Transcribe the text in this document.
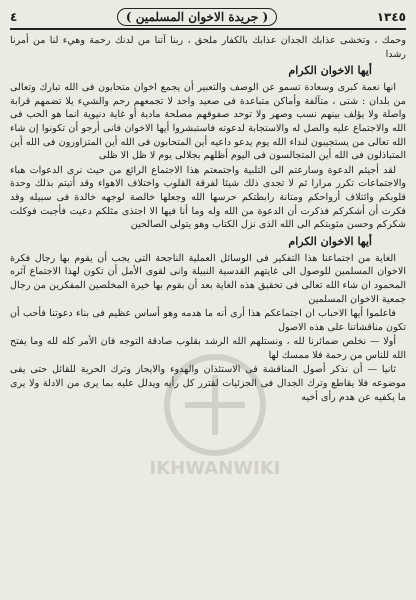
٤	( جريدة الاخوان المسلمين )	١٣٤٥

وحمك ، وتخشى عذابك الجدان عذابك بالكفار ملحق ، ربنا آتنا من لدنك رحمة وهيء لنا من أمرنا رشدا

أيها الاخوان الكرام

انها نعمة كبرى وسعادة تسمو عن الوصف والتعبير أن يجمع اخوان متحابون فى الله تبارك وتعالى من بلدان : شتى ، متآلفة وأماكن متباعدة فى صعيد واحد لا تجمعهم رحم والشيء يلا تضمهم قرابة واصلة ولا يؤلف بينهم نسب وصهر ولا توحد صفوفهم مصلحة مادية أو غاية دنيوية انما هو الحب فى الله والاجتماع عليه والصل له والاستجابة لدعوته فاستبشروا أيها الاخوان فانى أرجو أن تكونوا إن شاء الله تعالى من يستجيبون لنداء الله يوم يدعو داعيه أين المتحابون فى الله أين المتزاورون فى الله أين المتباذلون فى الله أين المتجالسون فى اليوم أظلهم بجلالى يوم لا ظل الا ظلى

لقد أجيئم الدعوة وسارعتم الى التلبية واجتمعتم هذا الاجتماع الرائع من حيث نرى الدعوات هباء والاجتماعات تكرر مرارا ثم لا تجدى ذلك شيئا لفرقة القلوب واختلاف الاهواء وقد أتيتم بذلك وحدة قلوبكم وائتلاف أرواحكم ومتانة رابطتكم حرسها الله وجعلها خالصة لوجهه خالدة فى سبيله وقد فكرت أن أشكركم فذكرت أن الدعوة من الله وله وما أنا فيها الا اجتذى مثلكم دعيت فأجبت فوكلت شكركم وحسن مثوبتكم الى الله الذى نزل الكتاب وهو يتولى الصالحين

أيها الاخوان الكرام

الغاية من اجتماعنا هذا التفكير فى الوسائل العملية الناجحة التى يجب أن يقوم بها رجال فكرة الاخوان المسلمين للوصول الى غايتهم القدسية النبيلة وانى لقوى الأمل أن تكون لهذا الاجتماع آثره المحمود ان شاء الله تعالى فى تحقيق هذه الغاية بعد أن بقوم بها خيرة المخلصين المفكرين من رجال جمعية الاخوان المسلمين

فاعلموا أيها الاحباب ان اجتماعكم هذا أرى أنه ما هدمه وهو أساس عظيم فى بناء دعوتنا فأحب أن تكون مناقشاتنا على هذه الاصول

أولا — نخلص ضمائرنا لله ، ونستلهم الله الرشد بقلوب صادقة التوجه فان الأمر كله لله وما يفتح الله للناس من رحمة فلا ممسك لها

ثانيا — أن نذكر أصول المناقشة فى الاستئذان والهدوء والايجاز وترك الحرية للقائل حتى يفى موضوعه فلا يقاطع وترك الجدال فى الجزئيات لقترر كل رأيه ويدلل عليه بما يرى من الادلة ولا يرى ما يكفيه عن هدم رأى أخيه

IKHWANWIKI
